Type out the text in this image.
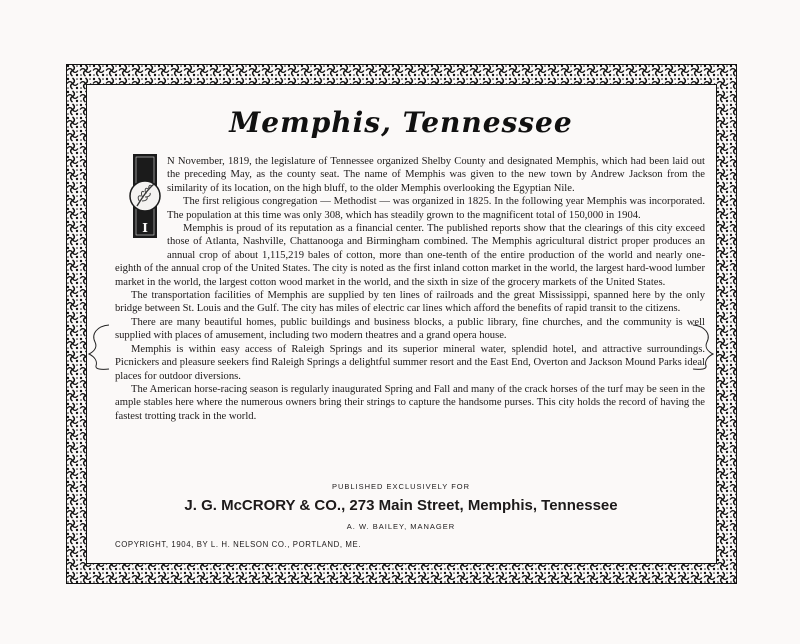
Memphis, Tennessee
I

N November, 1819, the legislature of Tennessee organized Shelby County and designated Memphis, which had been laid out the preceding May, as the county seat. The name of Memphis was given to the new town by Andrew Jackson from the similarity of its location, on the high bluff, to the older Memphis overlooking the Egyptian Nile.

The first religious congregation — Methodist — was organized in 1825. In the following year Memphis was incorporated. The population at this time was only 308, which has steadily grown to the magnificent total of 150,000 in 1904.

Memphis is proud of its reputation as a financial center. The published reports show that the clearings of this city exceed those of Atlanta, Nashville, Chattanooga and Birmingham combined. The Memphis agricultural district proper produces an annual crop of about 1,115,219 bales of cotton, more than one-tenth of the entire production of the world and nearly one-eighth of the annual crop of the United States. The city is noted as the first inland cotton market in the world, the largest hard-wood lumber market in the world, the largest cotton wood market in the world, and the sixth in size of the grocery markets of the United States.

The transportation facilities of Memphis are supplied by ten lines of railroads and the great Mississippi, spanned here by the only bridge between St. Louis and the Gulf. The city has miles of electric car lines which afford the benefits of rapid transit to the citizens.

There are many beautiful homes, public buildings and business blocks, a public library, fine churches, and the community is well supplied with places of amusement, including two modern theatres and a grand opera house.

Memphis is within easy access of Raleigh Springs and its superior mineral water, splendid hotel, and attractive surroundings. Picnickers and pleasure seekers find Raleigh Springs a delightful summer resort and the East End, Overton and Jackson Mound Parks ideal places for outdoor diversions.

The American horse-racing season is regularly inaugurated Spring and Fall and many of the crack horses of the turf may be seen in the ample stables here where the numerous owners bring their strings to capture the handsome purses. This city holds the record of having the fastest trotting track in the world.

PUBLISHED EXCLUSIVELY FOR
J. G. McCRORY & CO., 273 Main Street, Memphis, Tennessee
A. W. BAILEY, MANAGER
COPYRIGHT, 1904, BY L. H. NELSON CO., PORTLAND, ME.
